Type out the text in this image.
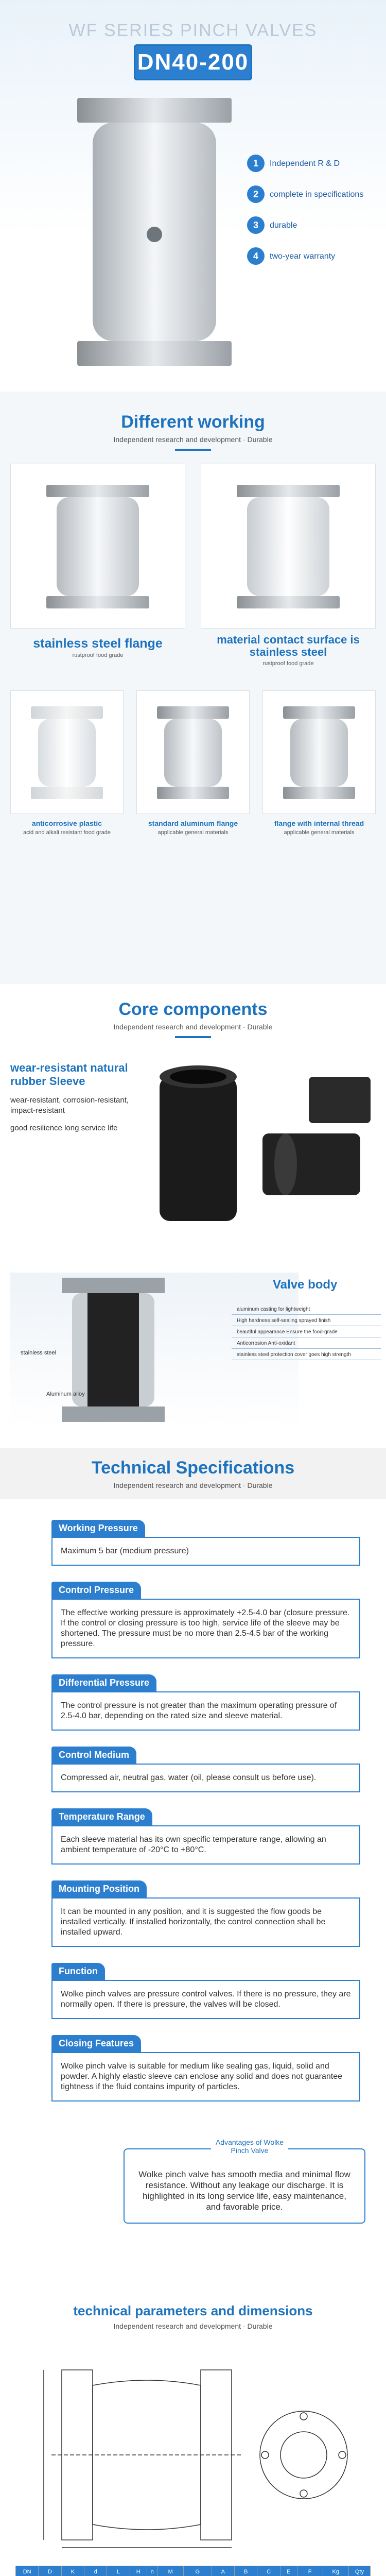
WF SERIES PINCH VALVES
DN40-200
1	Independent R & D
2	complete in specifications
3	durable
4	two-year warranty
Different working
Independent research and development · Durable
stainless steel flange
rustproof food grade
material contact surface is stainless steel
rustproof food grade
anticorrosive plastic
acid and alkali resistant food grade
standard aluminum flange
applicable general materials
flange with internal thread
applicable general materials
Core components
Independent research and development · Durable
wear-resistant natural rubber Sleeve
wear-resistant, corrosion-resistant, impact-resistant
good resilience long service life
stainless steel
Aluminum alloy
Valve body
aluminum casting for lightweight
High hardness self-sealing sprayed finish
beautiful appearance Ensure the food-grade
Anticorrosion Anti-oxidant
stainless steel protection cover goes high strength
Technical Specifications
Independent research and development · Durable
Working Pressure
Maximum 5 bar (medium pressure)
Control Pressure
The effective working pressure is approximately +2.5-4.0 bar (closure pressure. If the control or closing pressure is too high, service life of the sleeve may be shortened. The pressure must be no more than 2.5-4.5 bar of the working pressure.
Differential Pressure
The control pressure is not greater than the maximum operating pressure of 2.5-4.0 bar, depending on the rated size and sleeve material.
Control Medium
Compressed air, neutral gas, water (oil, please consult us before use).
Temperature Range
Each sleeve material has its own specific temperature range, allowing an ambient temperature of -20°C to +80°C.
Mounting Position
It can be mounted in any position, and it is suggested the flow goods be installed vertically. If installed horizontally, the control connection shall be installed upward.
Function
Wolke pinch valves are pressure control valves. If there is no pressure, they are normally open. If there is pressure, the valves will be closed.
Closing Features
Wolke pinch valve is suitable for medium like sealing gas, liquid, solid and powder. A highly elastic sleeve can enclose any solid and does not guarantee tightness if the fluid contains impurity of particles.
Wolke pinch valve has smooth media and minimal flow resistance. Without any leakage our discharge. It is highlighted in its long service life, easy maintenance, and favorable price.
Advantages of Wolke Pinch Valve
technical parameters and dimensions
Independent research and development · Durable
DN	D	K	d	L	H	n	M	G	A	B	C	E	F	Kg	Qty
